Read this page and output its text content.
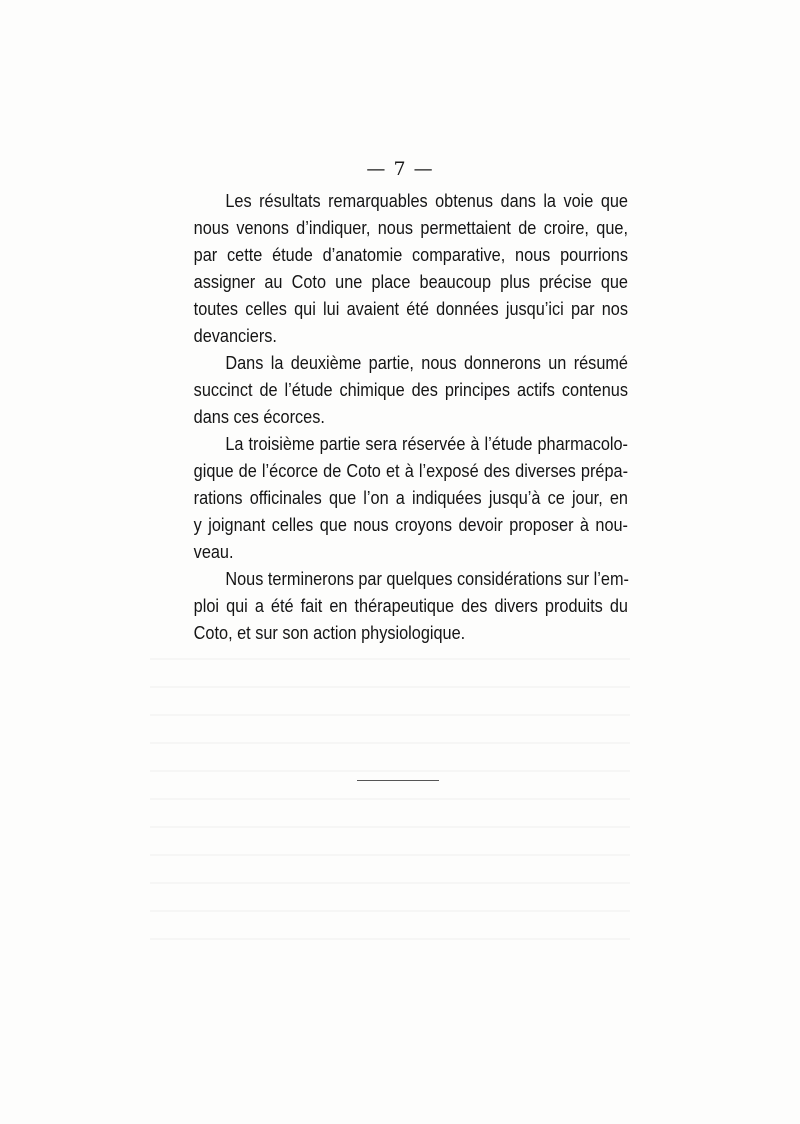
— 7 —
Les résultats remarquables obtenus dans la voie que
nous venons d’indiquer, nous permettaient de croire, que,
par cette étude d’anatomie comparative, nous pourrions
assigner au Coto une place beaucoup plus précise que
toutes celles qui lui avaient été données jusqu’ici par nos
devanciers.
Dans la deuxième partie, nous donnerons un résumé
succinct de l’étude chimique des principes actifs contenus
dans ces écorces.
La troisième partie sera réservée à l’étude pharmacolo-
gique de l’écorce de Coto et à l’exposé des diverses prépa-
rations officinales que l’on a indiquées jusqu’à ce jour, en
y joignant celles que nous croyons devoir proposer à nou-
veau.
Nous terminerons par quelques considérations sur l’em-
ploi qui a été fait en thérapeutique des divers produits du
Coto, et sur son action physiologique.
